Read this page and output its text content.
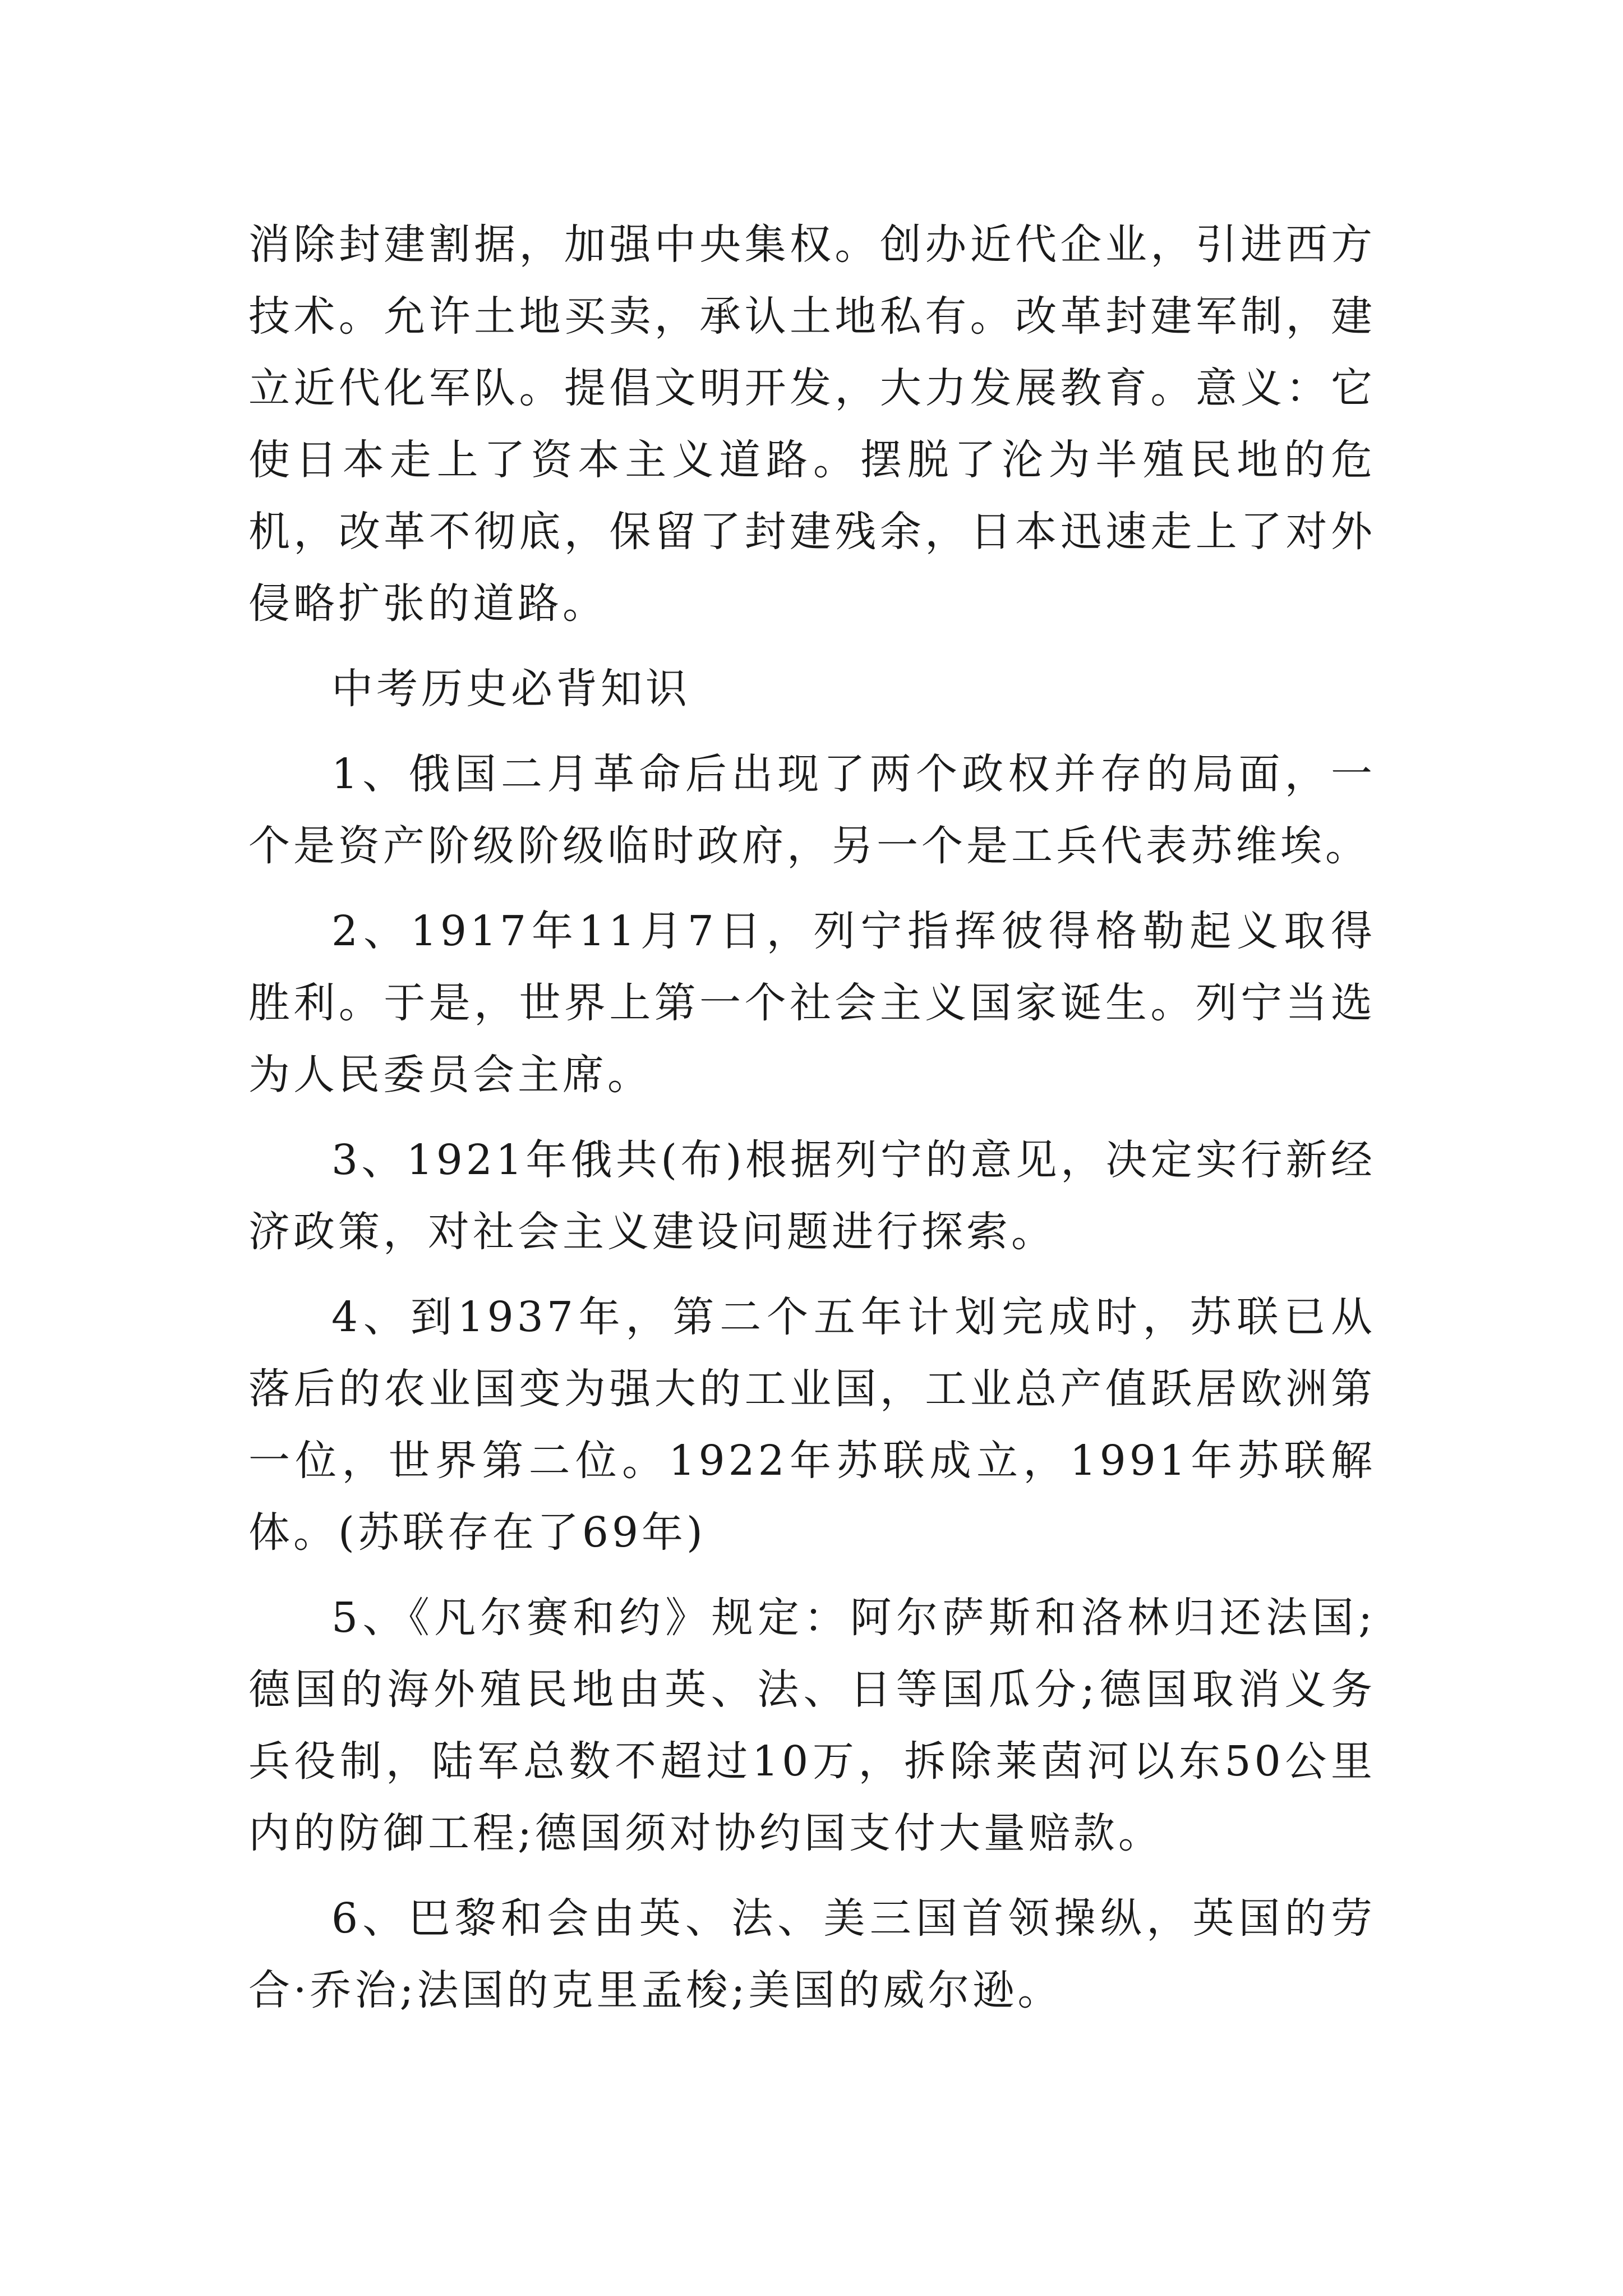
消除封建割据，加强中央集权。创办近代企业，引进西方技术。允许土地买卖，承认土地私有。改革封建军制，建立近代化军队。提倡文明开发，大力发展教育。意义：它使日本走上了资本主义道路。摆脱了沦为半殖民地的危机，改革不彻底，保留了封建残余，日本迅速走上了对外侵略扩张的道路。

中考历史必背知识

1、俄国二月革命后出现了两个政权并存的局面，一个是资产阶级阶级临时政府，另一个是工兵代表苏维埃。

2、1917年11月7日，列宁指挥彼得格勒起义取得胜利。于是，世界上第一个社会主义国家诞生。列宁当选为人民委员会主席。

3、1921年俄共(布)根据列宁的意见，决定实行新经济政策，对社会主义建设问题进行探索。

4、到1937年，第二个五年计划完成时，苏联已从落后的农业国变为强大的工业国，工业总产值跃居欧洲第一位，世界第二位。1922年苏联成立，1991年苏联解体。(苏联存在了69年)

5、《凡尔赛和约》规定：阿尔萨斯和洛林归还法国;德国的海外殖民地由英、法、日等国瓜分;德国取消义务兵役制，陆军总数不超过10万，拆除莱茵河以东50公里内的防御工程;德国须对协约国支付大量赔款。

6、巴黎和会由英、法、美三国首领操纵，英国的劳合·乔治;法国的克里孟梭;美国的威尔逊。
